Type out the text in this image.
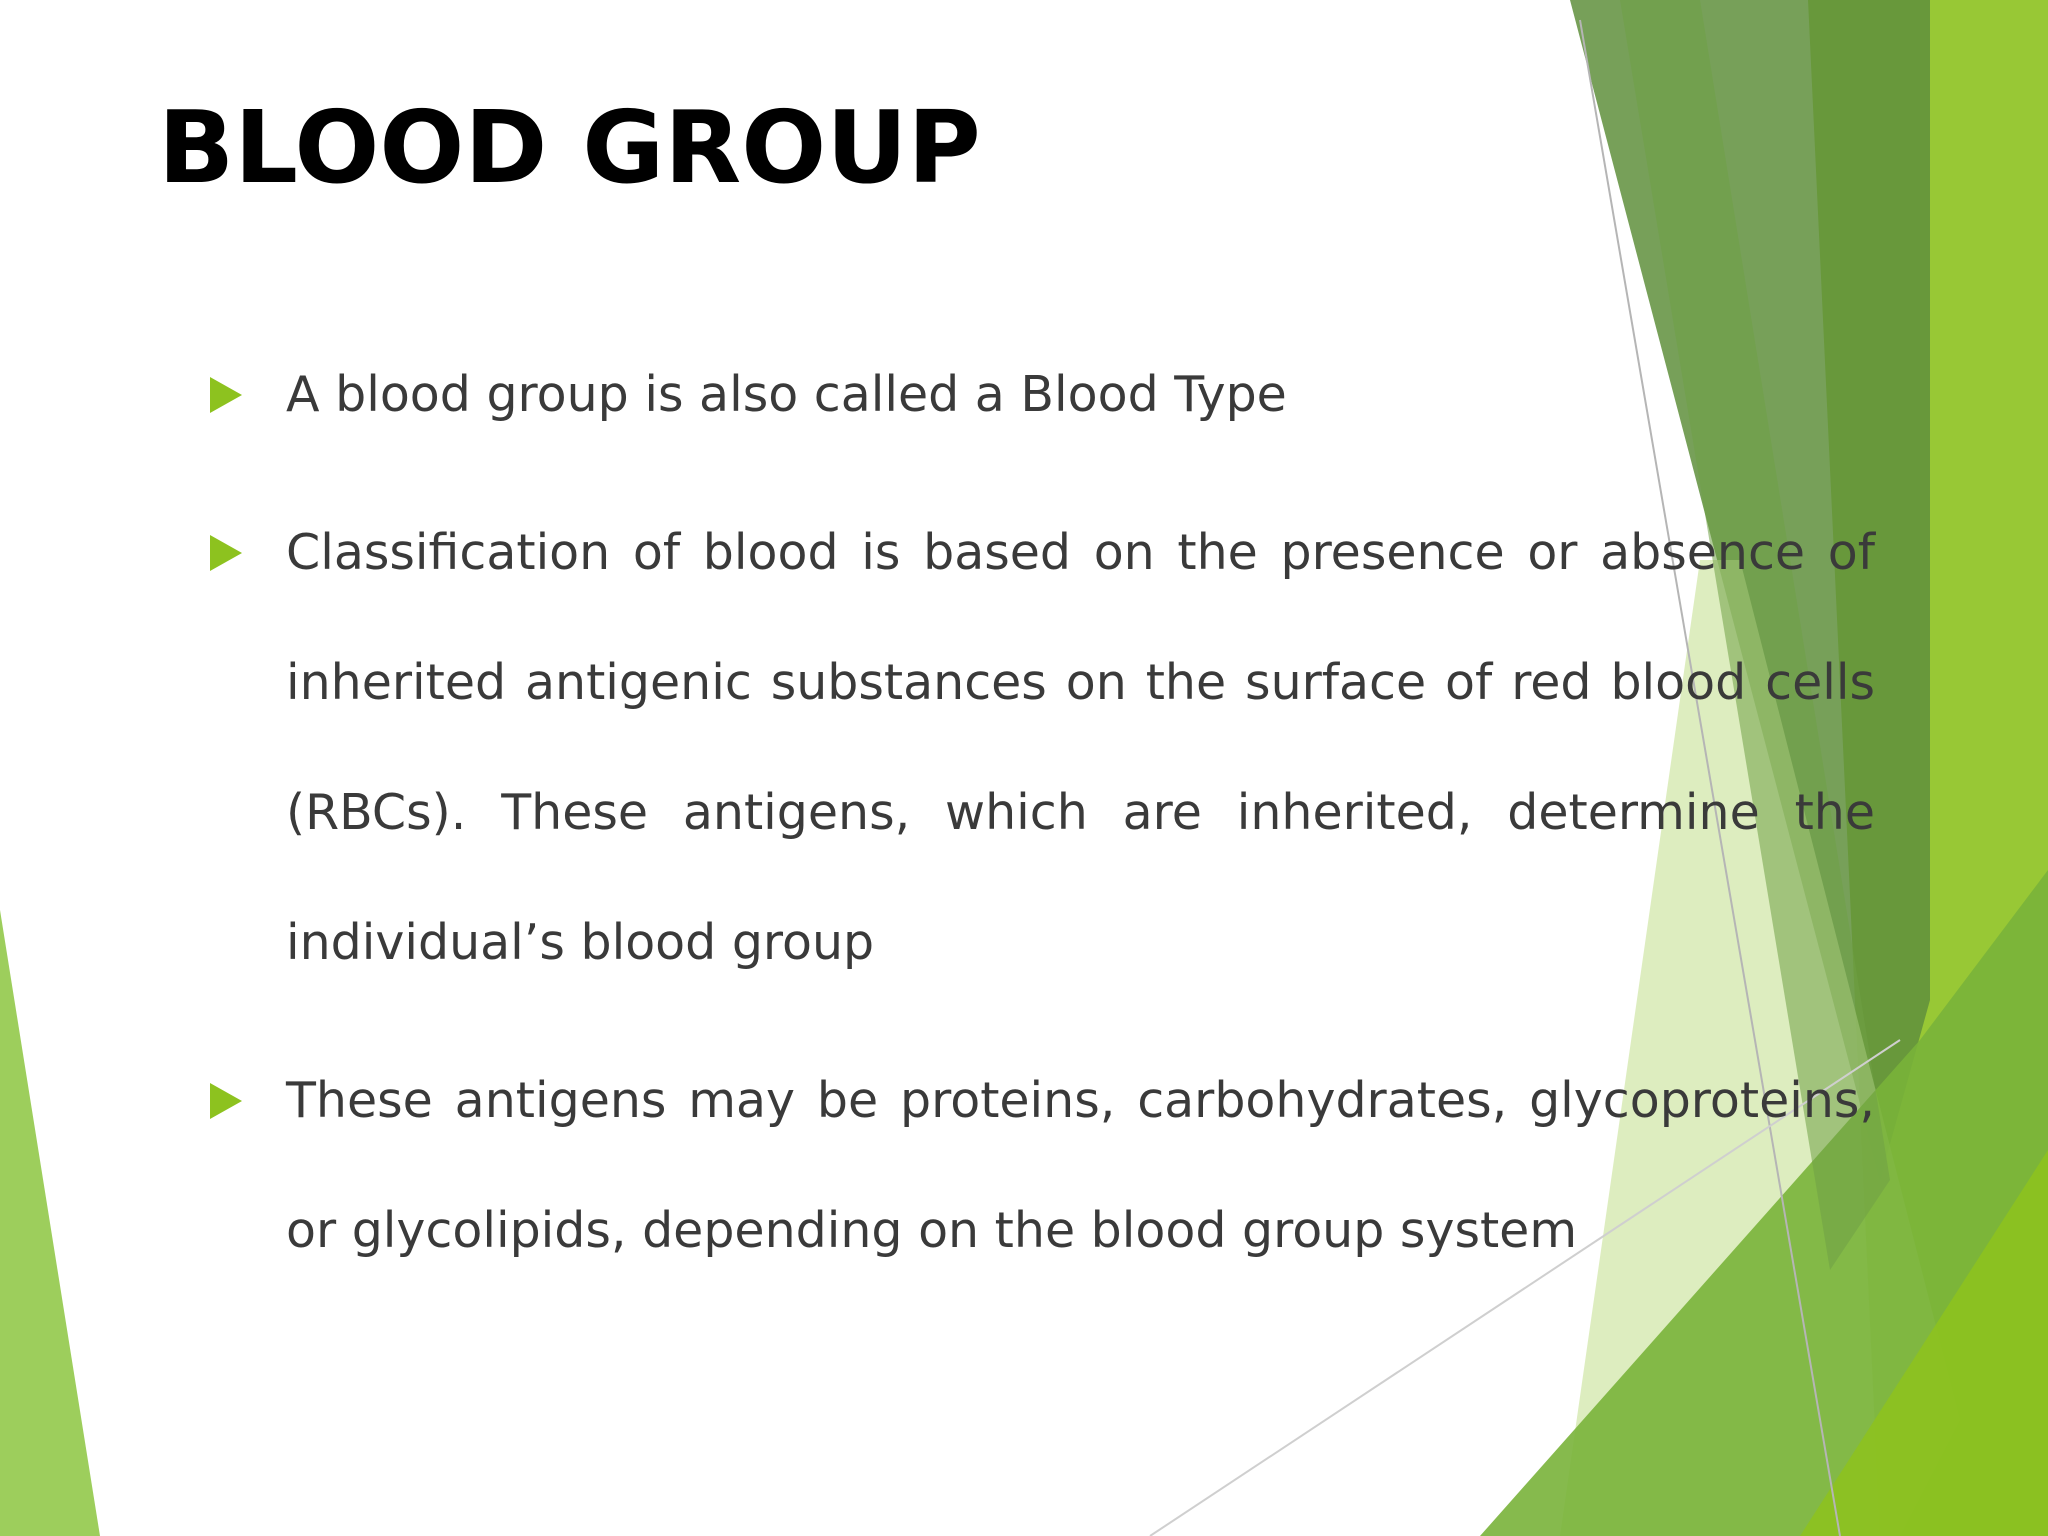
BLOOD GROUP
A blood group is also called a Blood Type
Classification of blood is based on the presence or absence of inherited antigenic substances on the surface of red blood cells (RBCs). These antigens, which are inherited, determine the individual’s blood group
These antigens may be proteins, carbohydrates, glycoproteins, or glycolipids, depending on the blood group system
